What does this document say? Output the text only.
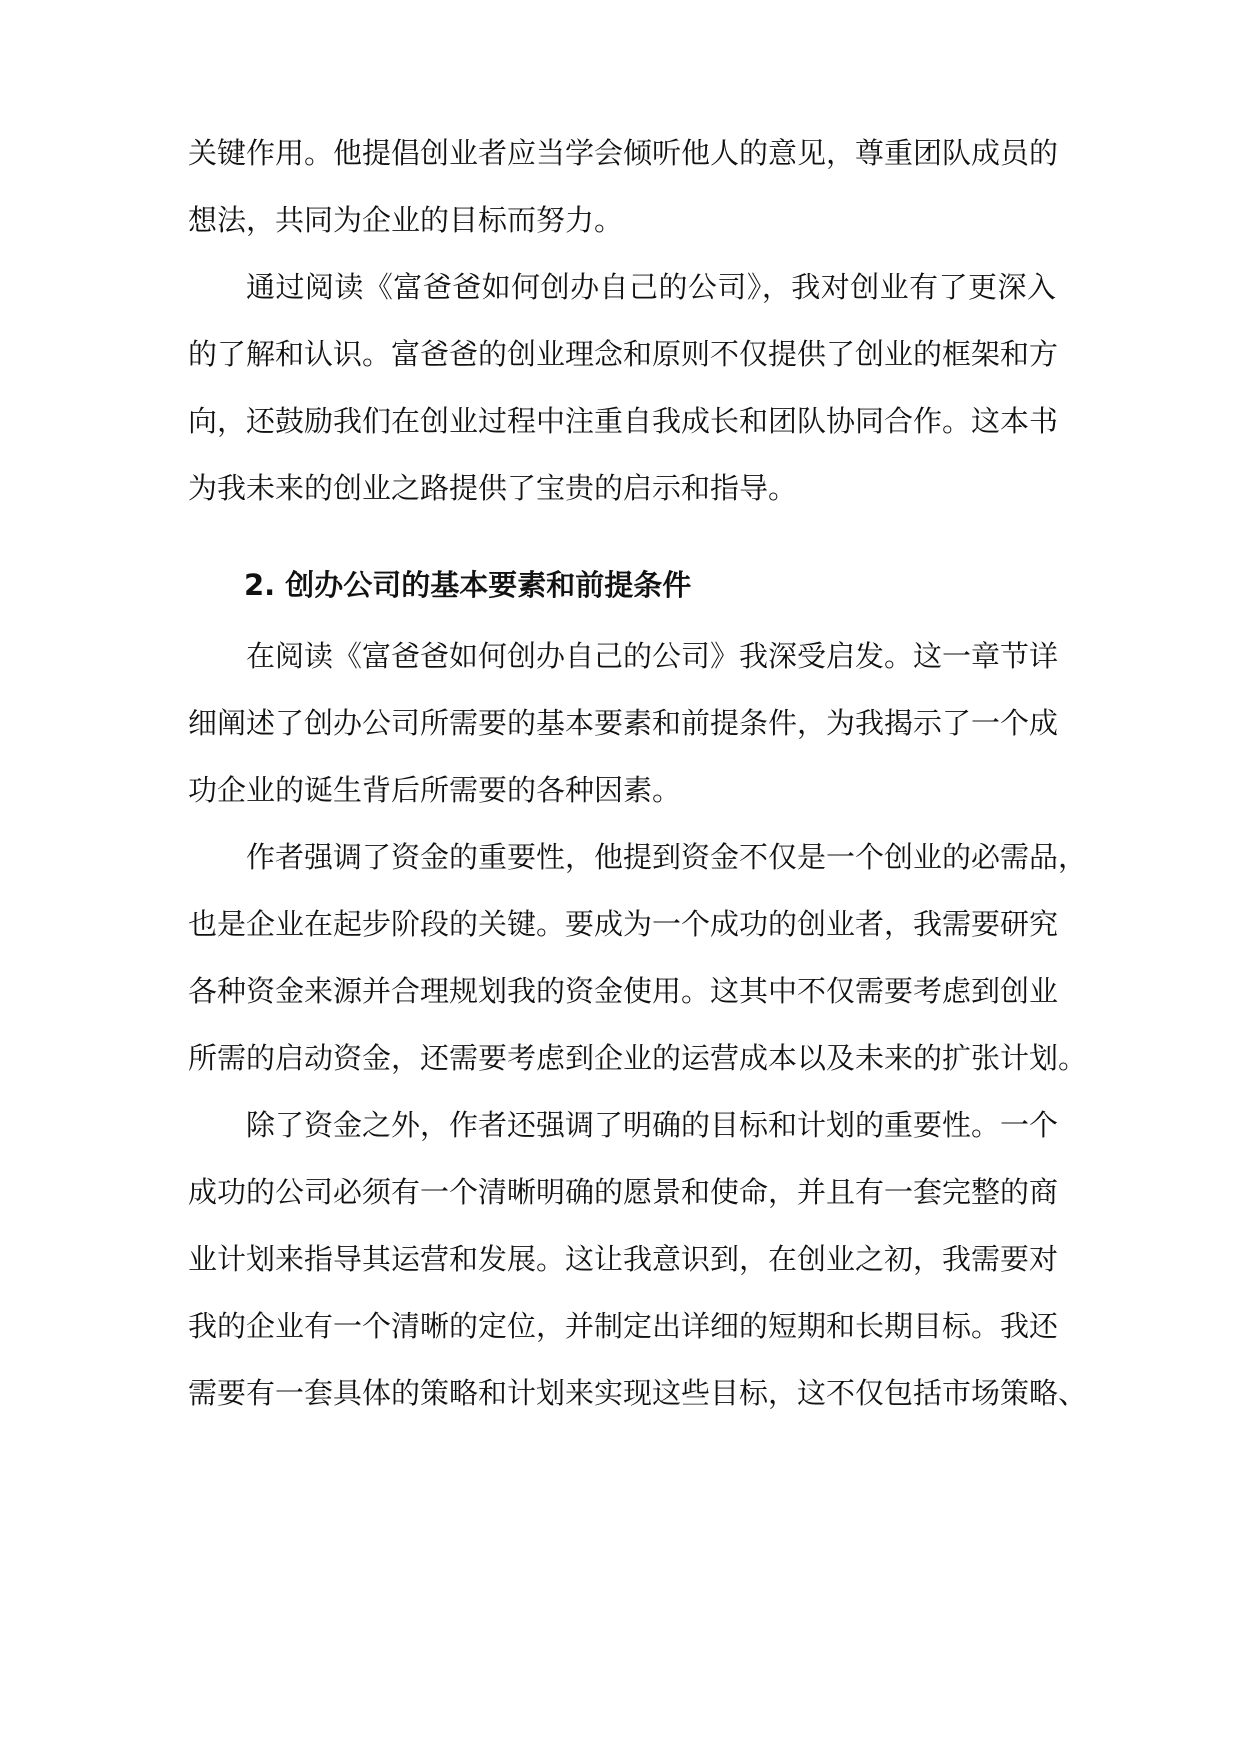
关键作用。他提倡创业者应当学会倾听他人的意见，尊重团队成员的
想法，共同为企业的目标而努力。
通过阅读《富爸爸如何创办自己的公司》，我对创业有了更深入
的了解和认识。富爸爸的创业理念和原则不仅提供了创业的框架和方
向，还鼓励我们在创业过程中注重自我成长和团队协同合作。这本书
为我未来的创业之路提供了宝贵的启示和指导。
2. 创办公司的基本要素和前提条件
在阅读《富爸爸如何创办自己的公司》我深受启发。这一章节详
细阐述了创办公司所需要的基本要素和前提条件，为我揭示了一个成
功企业的诞生背后所需要的各种因素。
作者强调了资金的重要性，他提到资金不仅是一个创业的必需品，
也是企业在起步阶段的关键。要成为一个成功的创业者，我需要研究
各种资金来源并合理规划我的资金使用。这其中不仅需要考虑到创业
所需的启动资金，还需要考虑到企业的运营成本以及未来的扩张计划。
除了资金之外，作者还强调了明确的目标和计划的重要性。一个
成功的公司必须有一个清晰明确的愿景和使命，并且有一套完整的商
业计划来指导其运营和发展。这让我意识到，在创业之初，我需要对
我的企业有一个清晰的定位，并制定出详细的短期和长期目标。我还
需要有一套具体的策略和计划来实现这些目标，这不仅包括市场策略、
